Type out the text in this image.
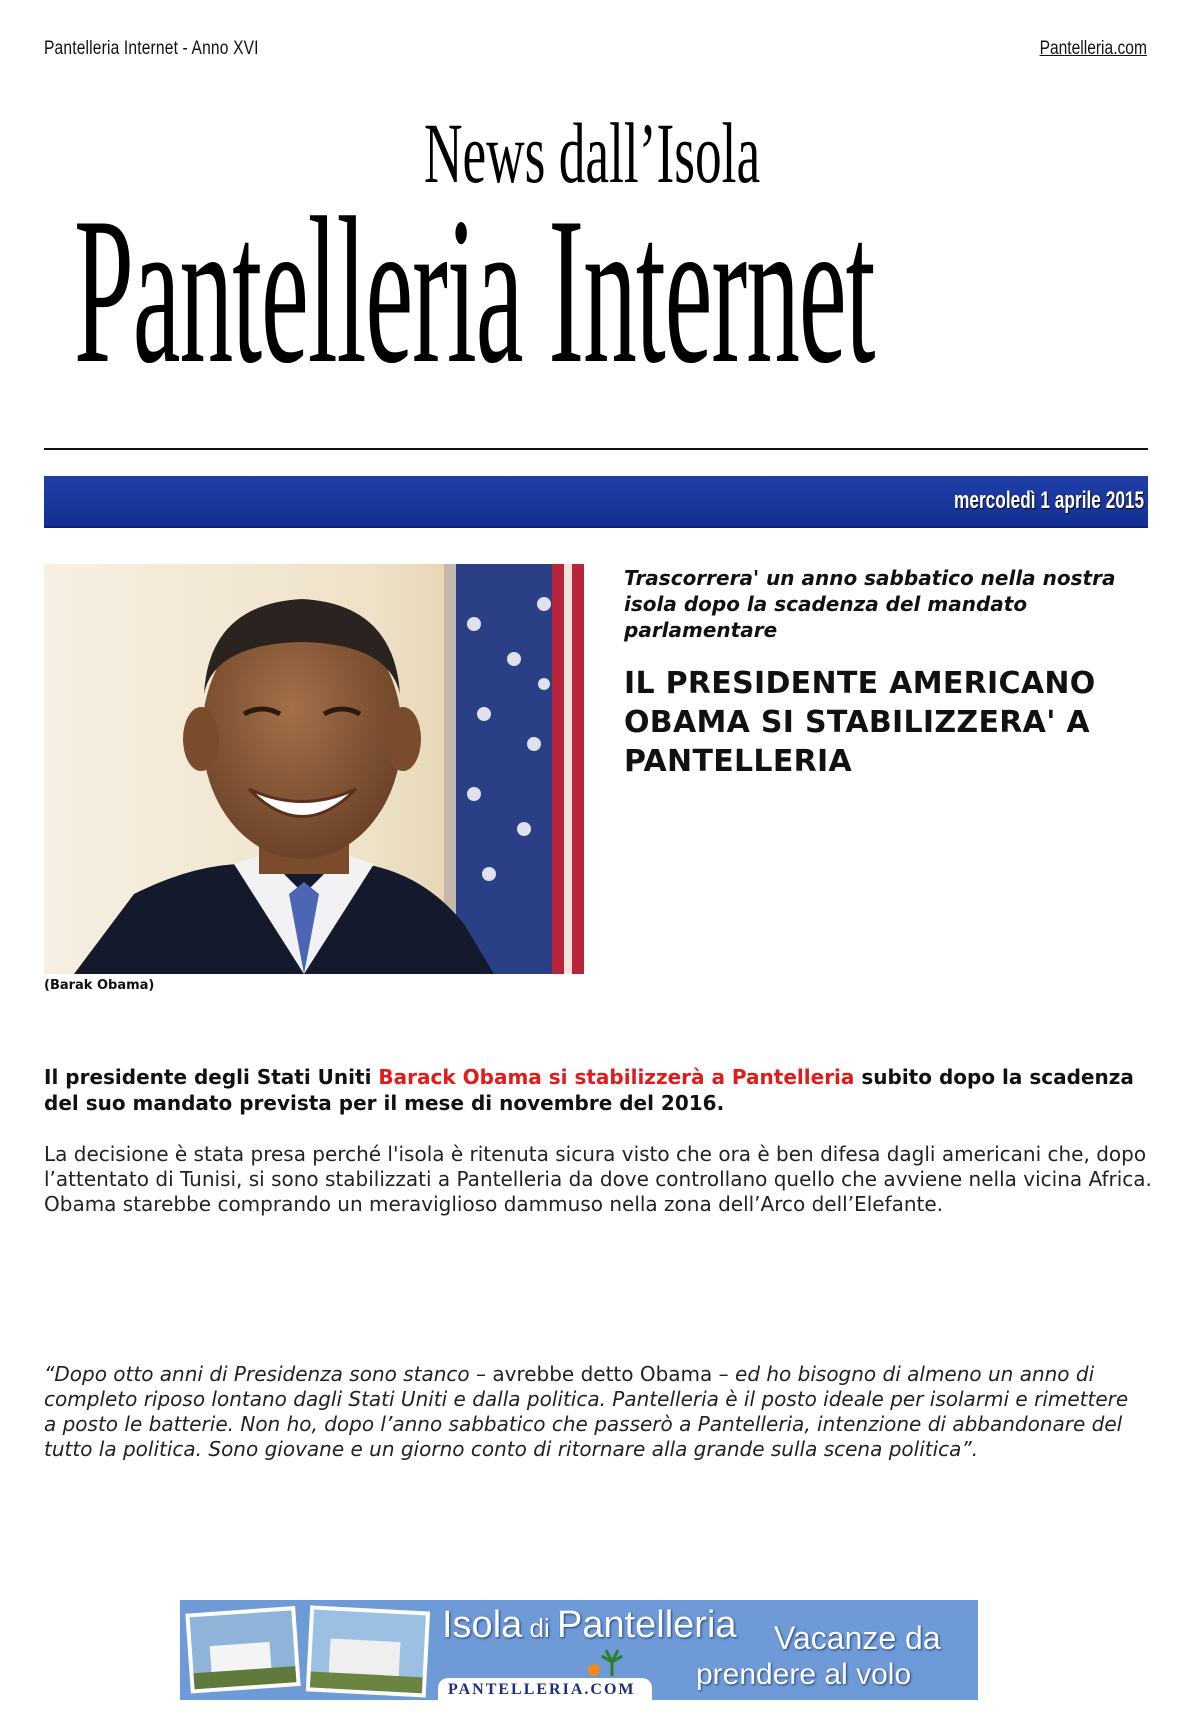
Pantelleria Internet - Anno XVI	Pantelleria.com
News dall’Isola
Pantelleria Internet
mercoledì 1 aprile 2015
(Barak Obama)
Trascorrera' un anno sabbatico nella nostra isola dopo la scadenza del mandato parlamentare
IL PRESIDENTE AMERICANO OBAMA SI STABILIZZERA' A PANTELLERIA
Il presidente degli Stati Uniti Barack Obama si stabilizzerà a Pantelleria subito dopo la scadenza del suo mandato prevista per il mese di novembre del 2016.
La decisione è stata presa perché l'isola è ritenuta sicura visto che ora è ben difesa dagli americani che, dopo l’attentato di Tunisi, si sono stabilizzati a Pantelleria da dove controllano quello che avviene nella vicina Africa. Obama starebbe comprando un meraviglioso dammuso nella zona dell’Arco dell’Elefante.
“Dopo otto anni di Presidenza sono stanco – avrebbe detto Obama – ed ho bisogno di almeno un anno di completo riposo lontano dagli Stati Uniti e dalla politica. Pantelleria è il posto ideale per isolarmi e rimettere a posto le batterie. Non ho, dopo l’anno sabbatico che passerò a Pantelleria, intenzione di abbandonare del tutto la politica. Sono giovane e un giorno conto di ritornare alla grande sulla scena politica”.
Isola di Pantelleria Vacanze da
prendere al volo
PANTELLERIA.COM
